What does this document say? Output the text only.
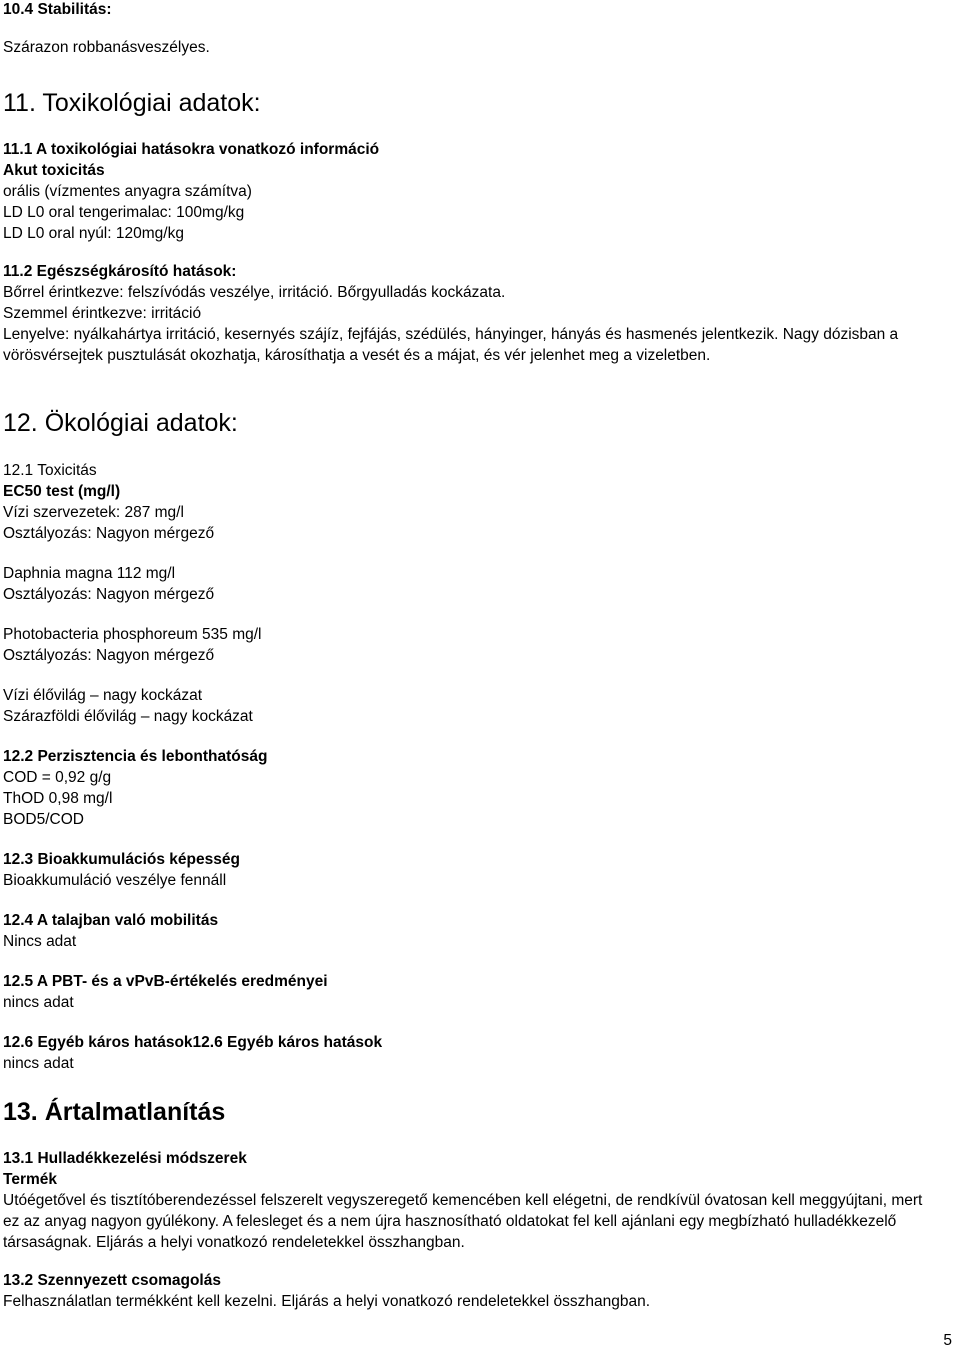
10.4 Stabilitás:
Szárazon robbanásveszélyes.
11. Toxikológiai adatok:
11.1 A toxikológiai hatásokra vonatkozó információ
Akut toxicitás
orális (vízmentes anyagra számítva)
LD L0 oral tengerimalac: 100mg/kg
LD L0 oral nyúl: 120mg/kg
11.2 Egészségkárosító hatások:
Bőrrel érintkezve: felszívódás veszélye, irritáció. Bőrgyulladás kockázata.
Szemmel érintkezve: irritáció
Lenyelve: nyálkahártya irritáció, kesernyés szájíz, fejfájás, szédülés, hányinger, hányás és hasmenés jelentkezik. Nagy dózisban a vörösvérsejtek pusztulását okozhatja, károsíthatja a vesét és a májat, és vér jelenhet meg a vizeletben.
12. Ökológiai adatok:
12.1 Toxicitás
EC50 test (mg/l)
Vízi szervezetek: 287 mg/l
Osztályozás: Nagyon mérgező
Daphnia magna 112 mg/l
Osztályozás: Nagyon mérgező
Photobacteria phosphoreum 535 mg/l
Osztályozás: Nagyon mérgező
Vízi élővilág – nagy kockázat
Szárazföldi élővilág – nagy kockázat
12.2 Perzisztencia és lebonthatóság
COD = 0,92 g/g
ThOD 0,98 mg/l
BOD5/COD
12.3 Bioakkumulációs képesség
Bioakkumuláció veszélye fennáll
12.4 A talajban való mobilitás
Nincs adat
12.5 A PBT- és a vPvB-értékelés eredményei
nincs adat
12.6 Egyéb káros hatások12.6 Egyéb káros hatások
nincs adat
13. Ártalmatlanítás
13.1 Hulladékkezelési módszerek
Termék
Utóégetővel és tisztítóberendezéssel felszerelt vegyszeregető kemencében kell elégetni, de rendkívül óvatosan kell meggyújtani, mert ez az anyag nagyon gyúlékony. A felesleget és a nem újra hasznosítható oldatokat fel kell ajánlani egy megbízható hulladékkezelő társaságnak. Eljárás a helyi vonatkozó rendeletekkel összhangban.
13.2 Szennyezett csomagolás
Felhasználatlan termékként kell kezelni. Eljárás a helyi vonatkozó rendeletekkel összhangban.
5
